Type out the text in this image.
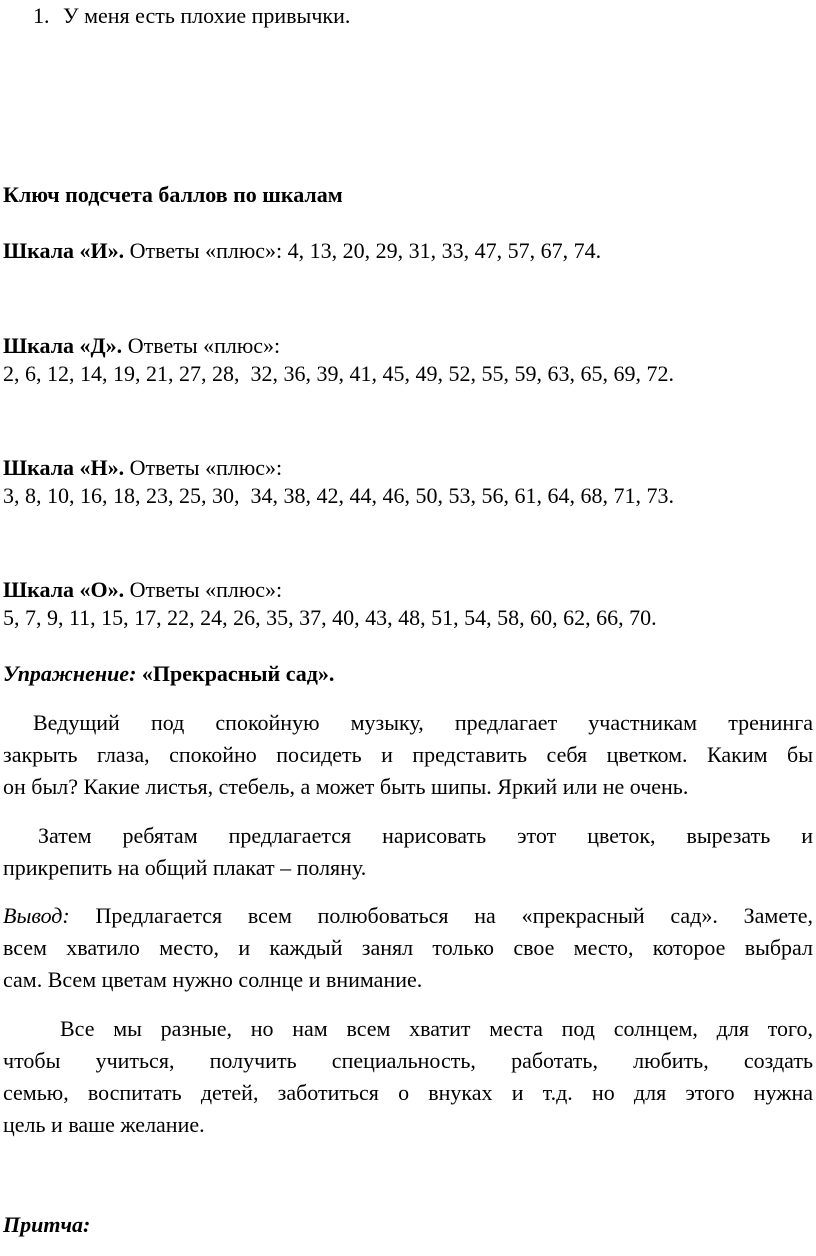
1. У меня есть плохие привычки.
Ключ подсчета баллов по шкалам
Шкала «И». Ответы «плюс»: 4, 13, 20, 29, 31, 33, 47, 57, 67, 74.
Шкала «Д». Ответы «плюс»:
2, 6, 12, 14, 19, 21, 27, 28,  32, 36, 39, 41, 45, 49, 52, 55, 59, 63, 65, 69, 72.
Шкала «Н». Ответы «плюс»:
3, 8, 10, 16, 18, 23, 25, 30,  34, 38, 42, 44, 46, 50, 53, 56, 61, 64, 68, 71, 73.
Шкала «О». Ответы «плюс»:
5, 7, 9, 11, 15, 17, 22, 24, 26, 35, 37, 40, 43, 48, 51, 54, 58, 60, 62, 66, 70.
Упражнение: «Прекрасный сад».
Ведущий под спокойную музыку, предлагает участникам тренинга
закрыть глаза, спокойно посидеть и представить себя цветком. Каким бы
он был? Какие листья, стебель, а может быть шипы. Яркий или не очень.
Затем ребятам предлагается нарисовать этот цветок, вырезать и
прикрепить на общий плакат – поляну.
Вывод: Предлагается всем полюбоваться на «прекрасный сад». Замете,
всем хватило место, и каждый занял только свое место, которое выбрал
сам. Всем цветам нужно солнце и внимание.
Все мы разные, но нам всем хватит места под солнцем, для того,
чтобы учиться, получить специальность, работать, любить, создать
семью, воспитать детей, заботиться о внуках и т.д. но для этого нужна
цель и ваше желание.
Притча:
